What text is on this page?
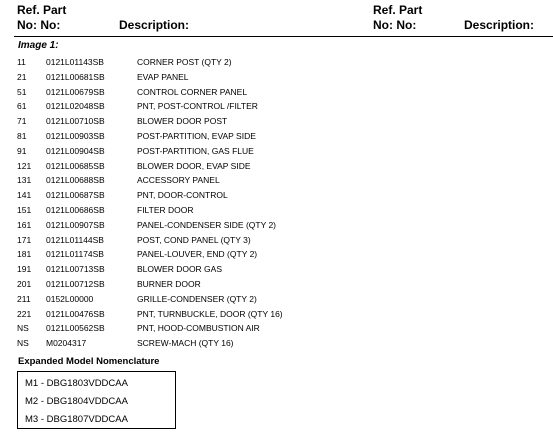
Ref. Part
No: No:	Description:
Ref. Part
No: No:	Description:
Image 1:
11 0121L01143SB	CORNER POST (QTY 2)
21 0121L00681SB	EVAP PANEL
51 0121L00679SB	CONTROL CORNER PANEL
61 0121L02048SB	PNT, POST-CONTROL /FILTER
71 0121L00710SB	BLOWER DOOR POST
81 0121L00903SB	POST-PARTITION, EVAP SIDE
91 0121L00904SB	POST-PARTITION, GAS FLUE
121 0121L00685SB	BLOWER DOOR, EVAP SIDE
131 0121L00688SB	ACCESSORY PANEL
141 0121L00687SB	PNT, DOOR-CONTROL
151 0121L00686SB	FILTER DOOR
161 0121L00907SB	PANEL-CONDENSER SIDE (QTY 2)
171 0121L01144SB	POST, COND PANEL (QTY 3)
181 0121L01174SB	PANEL-LOUVER, END (QTY 2)
191 0121L00713SB	BLOWER DOOR GAS
201 0121L00712SB	BURNER DOOR
211 0152L00000	GRILLE-CONDENSER (QTY 2)
221 0121L00476SB	PNT, TURNBUCKLE, DOOR (QTY 16)
NS 0121L00562SB	PNT, HOOD-COMBUSTION AIR
NS M0204317	SCREW-MACH (QTY 16)
Expanded Model Nomenclature
M1 - DBG1803VDDCAA
M2 - DBG1804VDDCAA
M3 - DBG1807VDDCAA
